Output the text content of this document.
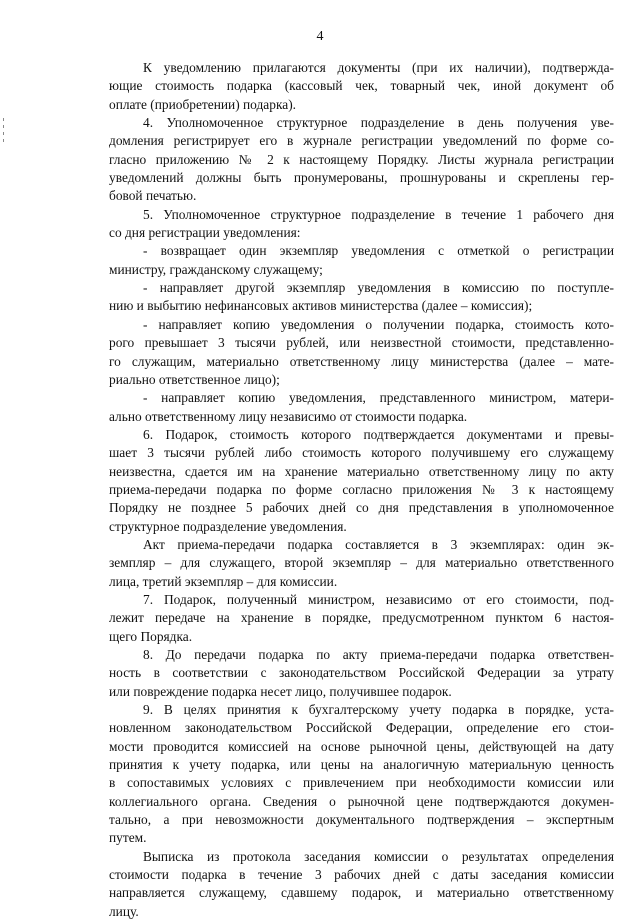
4
К уведомлению прилагаются документы (при их наличии), подтвержда-
ющие стоимость подарка (кассовый чек, товарный чек, иной документ об
оплате (приобретении) подарка).
4. Уполномоченное структурное подразделение в день получения уве-
домления регистрирует его в журнале регистрации уведомлений по форме со-
гласно приложению № 2 к настоящему Порядку. Листы журнала регистрации
уведомлений должны быть пронумерованы, прошнурованы и скреплены гер-
бовой печатью.
5. Уполномоченное структурное подразделение в течение 1 рабочего дня
со дня регистрации уведомления:
- возвращает один экземпляр уведомления с отметкой о регистрации
министру, гражданскому служащему;
- направляет другой экземпляр уведомления в комиссию по поступле-
нию и выбытию нефинансовых активов министерства (далее – комиссия);
- направляет копию уведомления о получении подарка, стоимость кото-
рого превышает 3 тысячи рублей, или неизвестной стоимости, представленно-
го служащим, материально ответственному лицу министерства (далее – мате-
риально ответственное лицо);
- направляет копию уведомления, представленного министром, матери-
ально ответственному лицу независимо от стоимости подарка.
6. Подарок, стоимость которого подтверждается документами и превы-
шает 3 тысячи рублей либо стоимость которого получившему его служащему
неизвестна, сдается им на хранение материально ответственному лицу по акту
приема-передачи подарка по форме согласно приложения № 3 к настоящему
Порядку не позднее 5 рабочих дней со дня представления в уполномоченное
структурное подразделение уведомления.
Акт приема-передачи подарка составляется в 3 экземплярах: один эк-
земпляр – для служащего, второй экземпляр – для материально ответственного
лица, третий экземпляр – для комиссии.
7. Подарок, полученный министром, независимо от его стоимости, под-
лежит передаче на хранение в порядке, предусмотренном пунктом 6 настоя-
щего Порядка.
8. До передачи подарка по акту приема-передачи подарка ответствен-
ность в соответствии с законодательством Российской Федерации за утрату
или повреждение подарка несет лицо, получившее подарок.
9. В целях принятия к бухгалтерскому учету подарка в порядке, уста-
новленном законодательством Российской Федерации, определение его стои-
мости проводится комиссией на основе рыночной цены, действующей на дату
принятия к учету подарка, или цены на аналогичную материальную ценность
в сопоставимых условиях с привлечением при необходимости комиссии или
коллегиального органа. Сведения о рыночной цене подтверждаются докумен-
тально, а при невозможности документального подтверждения – экспертным
путем.
Выписка из протокола заседания комиссии о результатах определения
стоимости подарка в течение 3 рабочих дней с даты заседания комиссии
направляется служащему, сдавшему подарок, и материально ответственному
лицу.
